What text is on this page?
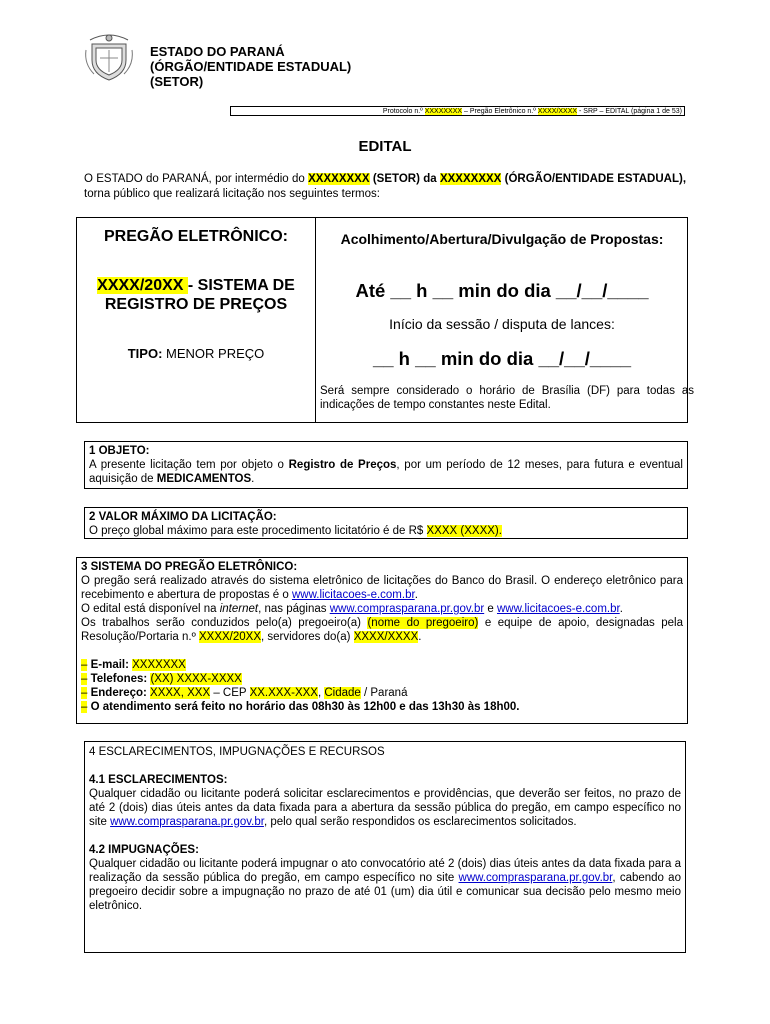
ESTADO DO PARANÁ
(ÓRGÃO/ENTIDADE ESTADUAL)
(SETOR)
Protocolo n.º XXXXXXXX – Pregão Eletrônico n.º XXXX/XXXX - SRP – EDITAL (página 1 de 53)
EDITAL
O ESTADO do PARANÁ, por intermédio do XXXXXXXX (SETOR) da XXXXXXXX (ÓRGÃO/ENTIDADE ESTADUAL), torna público que realizará licitação nos seguintes termos:
PREGÃO ELETRÔNICO:
XXXX/20XX - SISTEMA DE REGISTRO DE PREÇOS
TIPO: MENOR PREÇO
Acolhimento/Abertura/Divulgação de Propostas:
Até __ h __ min do dia __/__/____
Início da sessão / disputa de lances:
__ h __ min do dia __/__/____
Será sempre considerado o horário de Brasília (DF) para todas as indicações de tempo constantes neste Edital.

1 OBJETO:

A presente licitação tem por objeto o Registro de Preços, por um período de 12 meses, para futura e eventual aquisição de MEDICAMENTOS.

2 VALOR MÁXIMO DA LICITAÇÃO:

O preço global máximo para este procedimento licitatório é de R$ XXXX (XXXX).

3 SISTEMA DO PREGÃO ELETRÔNICO:

O pregão será realizado através do sistema eletrônico de licitações do Banco do Brasil. O endereço eletrônico para recebimento e abertura de propostas é o www.licitacoes-e.com.br.

O edital está disponível na internet, nas páginas www.comprasparana.pr.gov.br e www.licitacoes-e.com.br.

Os trabalhos serão conduzidos pelo(a) pregoeiro(a) (nome do pregoeiro) e equipe de apoio, designadas pela Resolução/Portaria n.º XXXX/20XX, servidores do(a) XXXX/XXXX.

– E-mail: XXXXXXX

– Telefones: (XX) XXXX-XXXX

– Endereço: XXXX, XXX – CEP XX.XXX-XXX, Cidade / Paraná

– O atendimento será feito no horário das 08h30 às 12h00 e das 13h30 às 18h00.

4 ESCLARECIMENTOS, IMPUGNAÇÕES E RECURSOS

4.1 ESCLARECIMENTOS:

Qualquer cidadão ou licitante poderá solicitar esclarecimentos e providências, que deverão ser feitos, no prazo de até 2 (dois) dias úteis antes da data fixada para a abertura da sessão pública do pregão, em campo específico no site www.comprasparana.pr.gov.br, pelo qual serão respondidos os esclarecimentos solicitados.

4.2 IMPUGNAÇÕES:

Qualquer cidadão ou licitante poderá impugnar o ato convocatório até 2 (dois) dias úteis antes da data fixada para a realização da sessão pública do pregão, em campo específico no site www.comprasparana.pr.gov.br, cabendo ao pregoeiro decidir sobre a impugnação no prazo de até 01 (um) dia útil e comunicar sua decisão pelo mesmo meio eletrônico.
